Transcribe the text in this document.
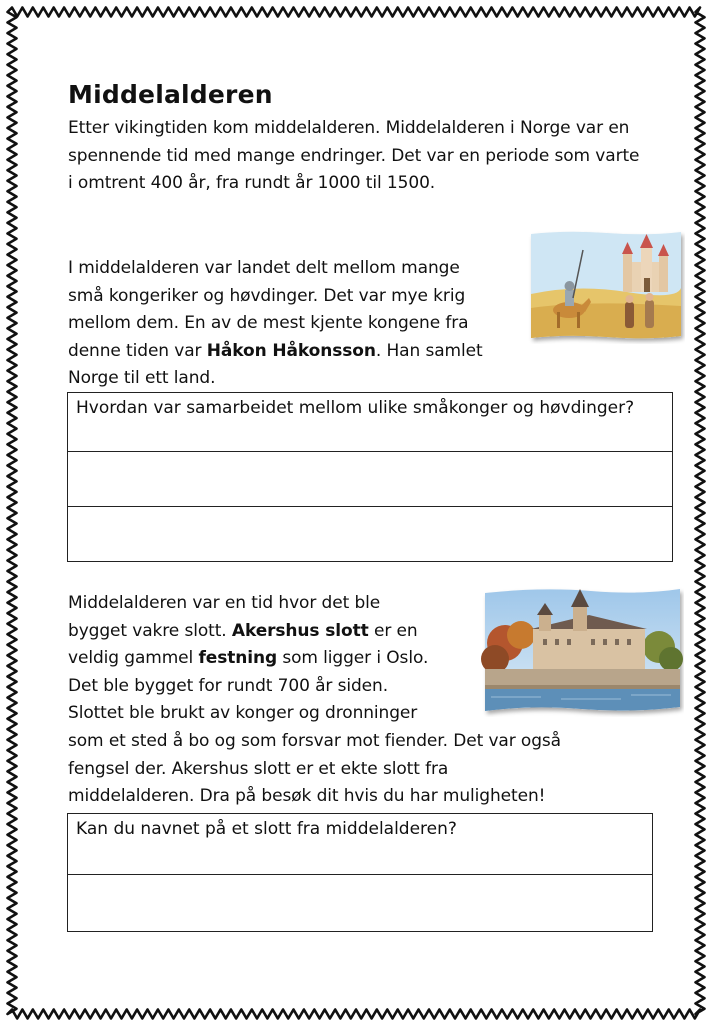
Middelalderen

Etter vikingtiden kom middelalderen. Middelalderen i Norge var en spennende tid med mange endringer. Det var en periode som varte i omtrent 400 år, fra rundt år 1000 til 1500.

I middelalderen var landet delt mellom mange
små kongeriker og høvdinger. Det var mye krig
mellom dem. En av de mest kjente kongene fra
denne tiden var Håkon Håkonsson. Han samlet
Norge til ett land.

Hvordan var samarbeidet mellom ulike småkonger og høvdinger?

Middelalderen var en tid hvor det ble
bygget vakre slott. Akershus slott er en
veldig gammel festning som ligger i Oslo.
Det ble bygget for rundt 700 år siden.
Slottet ble brukt av konger og dronninger
som et sted å bo og som forsvar mot fiender. Det var også
fengsel der. Akershus slott er et ekte slott fra
middelalderen. Dra på besøk dit hvis du har muligheten!

Kan du navnet på et slott fra middelalderen?
